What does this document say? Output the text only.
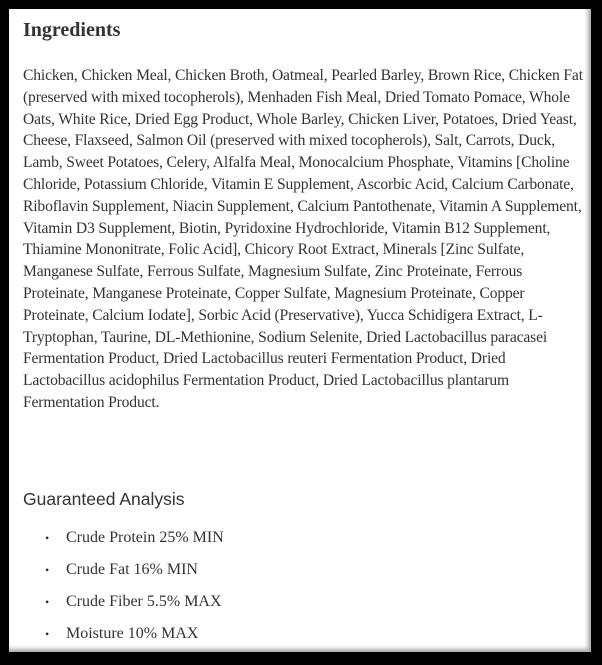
Ingredients

Chicken, Chicken Meal, Chicken Broth, Oatmeal, Pearled Barley, Brown Rice, Chicken Fat (preserved with mixed tocopherols), Menhaden Fish Meal, Dried Tomato Pomace, Whole Oats, White Rice, Dried Egg Product, Whole Barley, Chicken Liver, Potatoes, Dried Yeast, Cheese, Flaxseed, Salmon Oil (preserved with mixed tocopherols), Salt, Carrots, Duck, Lamb, Sweet Potatoes, Celery, Alfalfa Meal, Monocalcium Phosphate, Vitamins [Choline Chloride, Potassium Chloride, Vitamin E Supplement, Ascorbic Acid, Calcium Carbonate, Riboflavin Supplement, Niacin Supplement, Calcium Pantothenate, Vitamin A Supplement, Vitamin D3 Supplement, Biotin, Pyridoxine Hydrochloride, Vitamin B12 Supplement, Thiamine Mononitrate, Folic Acid], Chicory Root Extract, Minerals [Zinc Sulfate, Manganese Sulfate, Ferrous Sulfate, Magnesium Sulfate, Zinc Proteinate, Ferrous Proteinate, Manganese Proteinate, Copper Sulfate, Magnesium Proteinate, Copper Proteinate, Calcium Iodate], Sorbic Acid (Preservative), Yucca Schidigera Extract, L-Tryptophan, Taurine, DL-Methionine, Sodium Selenite, Dried Lactobacillus paracasei Fermentation Product, Dried Lactobacillus reuteri Fermentation Product, Dried Lactobacillus acidophilus Fermentation Product, Dried Lactobacillus plantarum Fermentation Product.

Guaranteed Analysis
•	Crude Protein 25% MIN
•	Crude Fat 16% MIN
•	Crude Fiber 5.5% MAX
•	Moisture 10% MAX
